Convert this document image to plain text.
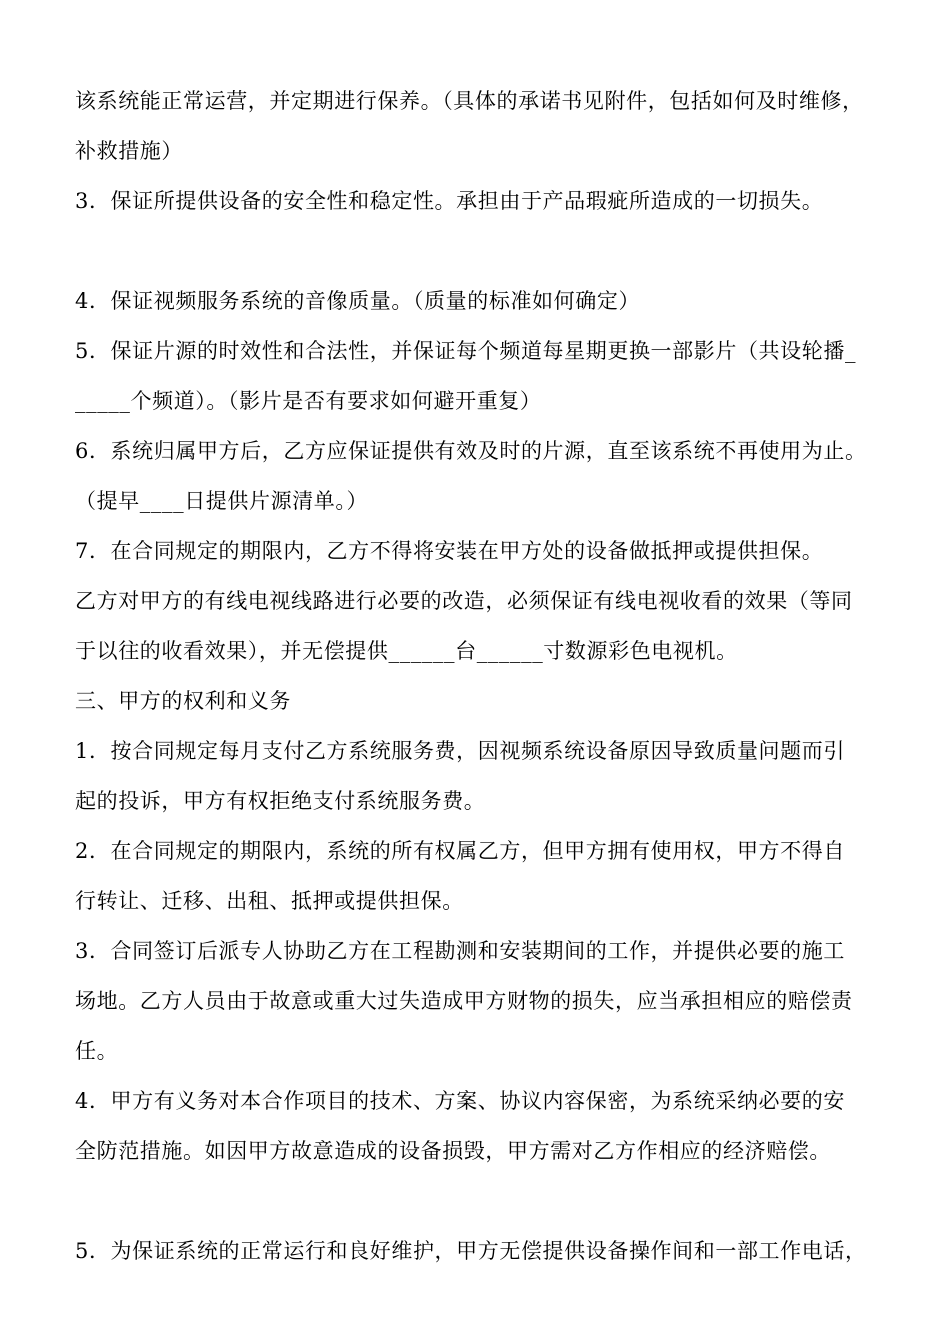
该系统能正常运营，并定期进行保养。（具体的承诺书见附件，包括如何及时维修，
补救措施）
3．保证所提供设备的安全性和稳定性。承担由于产品瑕疵所造成的一切损失。
4．保证视频服务系统的音像质量。（质量的标准如何确定）
5．保证片源的时效性和合法性，并保证每个频道每星期更换一部影片（共设轮播_
_____个频道）。（影片是否有要求如何避开重复）
6．系统归属甲方后，乙方应保证提供有效及时的片源，直至该系统不再使用为止。
（提早____日提供片源清单。）
7．在合同规定的期限内，乙方不得将安装在甲方处的设备做抵押或提供担保。
乙方对甲方的有线电视线路进行必要的改造，必须保证有线电视收看的效果（等同
于以往的收看效果），并无偿提供______台______寸数源彩色电视机。
三、甲方的权利和义务
1．按合同规定每月支付乙方系统服务费，因视频系统设备原因导致质量问题而引
起的投诉，甲方有权拒绝支付系统服务费。
2．在合同规定的期限内，系统的所有权属乙方，但甲方拥有使用权，甲方不得自
行转让、迁移、出租、抵押或提供担保。
3．合同签订后派专人协助乙方在工程勘测和安装期间的工作，并提供必要的施工
场地。乙方人员由于故意或重大过失造成甲方财物的损失，应当承担相应的赔偿责
任。
4．甲方有义务对本合作项目的技术、方案、协议内容保密，为系统采纳必要的安
全防范措施。如因甲方故意造成的设备损毁，甲方需对乙方作相应的经济赔偿。
5．为保证系统的正常运行和良好维护，甲方无偿提供设备操作间和一部工作电话，
